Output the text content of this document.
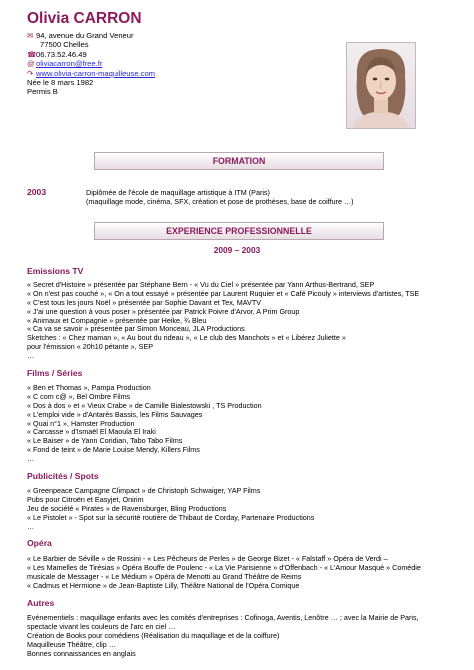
Olivia CARRON
✉ 94, avenue du Grand Veneur
77500 Chelles
☎06.73.52.46.49
@oliviacarron@free.fr
↷ www.olivia-carron-maquilleuse.com
Née le 8 mars 1982
Permis B
FORMATION
2003	Diplômée de l'école de maquillage artistique à ITM (Paris)
(maquillage mode, cinéma, SFX, création et pose de prothèses, base de coiffure …)
EXPERIENCE PROFESSIONNELLE
2009 – 2003
Emissions TV
« Secret d'Histoire » présentée par Stéphane Bern - « Vu du Ciel » présentée par Yann Arthus-Bertrand, SEP
« On n'est pas couché », « On a tout essayé » présentée par Laurent Ruquier et « Café Picouly » interviews d'artistes, TSE
« C'est tous les jours Noël » présentée par Sophie Davant et Tex, MAVTV
« J'ai une question à vous poser » présentée par Patrick Poivre d'Arvor, A Prim Group
« Animaux et Compagnie » présentée par Heike, ¾ Bleu
« Ca va se savoir » présentée par Simon Monceau, JLA Productions
Sketches : « Chez maman », « Au bout du rideau », « Le club des Manchots » et « Libérez Juliette »
pour l'émission « 20h10 pétante », SEP
…
Films / Séries
« Ben et Thomas », Pampa Production
« C com c@ », Bel Ombre Films
« Dos à dos » et « Vieux Crabe » de Camille Bialestowski , TS Production
« L'emploi vide » d'Antarès Bassis, les Films Sauvages
« Quai n°1 », Hamster Production
« Carcasse » d'Ismaël El Maoula El Iraki
« Le Baiser » de Yann Coridian, Tabo Tabo Films
« Fond de teint » de Marie Louise Mendy, Killers Films
…
Publicités / Spots
« Greenpeace Campagne Climpact » de Christoph Schwaiger, YAP Films
Pubs pour Citroën et Easyjet, Onirim
Jeu de société « Pirates » de Ravensburger, Bling Productions
« Le Pistolet » - Spot sur la sécurité routière de Thibaut de Corday, Partenaire Productions
…
Opéra
« Le Barbier de Séville » de Rossini - « Les Pêcheurs de Perles » de George Bizet - « Falstaff » Opéra de Verdi –
« Les Mamelles de Tirésias » Opéra Bouffe de Poulenc - « La Vie Parisienne » d'Offenbach - « L'Amour Masqué » Comédie
musicale de Messager - « Le Médium » Opéra de Menotti au Grand Théâtre de Reims
« Cadmus et Hermione » de Jean-Baptiste Lilly, Théâtre National de l'Opéra Comique
Autres
Evénementiels : maquillage enfants avec les comités d'entreprises : Cofinoga, Aventis, Lenôtre … ; avec la Mairie de Paris,
spectacle vivant les couleurs de l'arc en ciel …
Création de Books pour comédiens (Réalisation du maquillage et de la coiffure)
Maquilleuse Théâtre, clip …
Bonnes connaissances en anglais
